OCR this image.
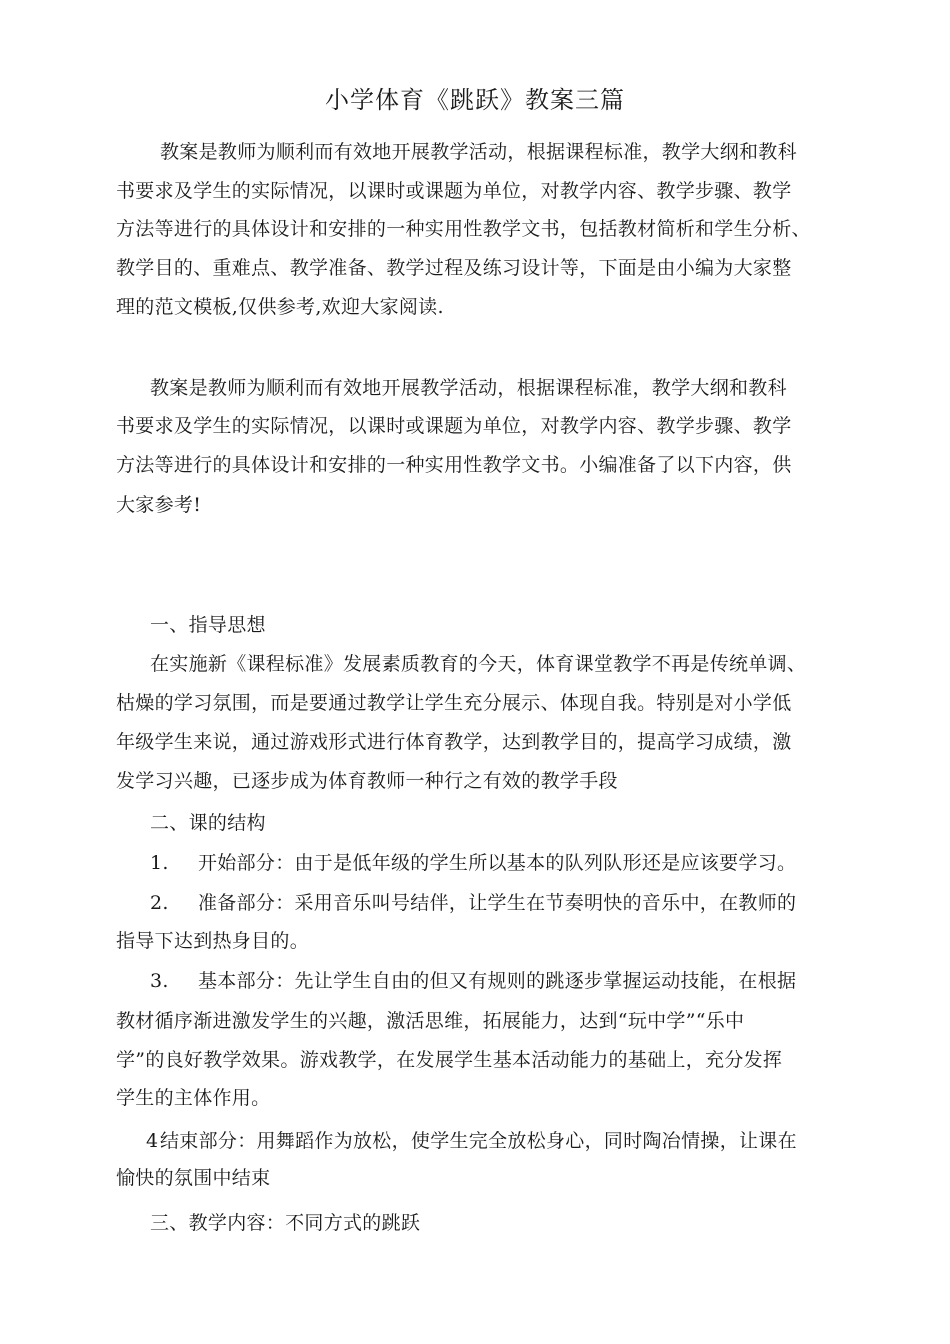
小学体育《跳跃》教案三篇
教案是教师为顺利而有效地开展教学活动，根据课程标准，教学大纲和教科
书要求及学生的实际情况，以课时或课题为单位，对教学内容、教学步骤、教学
方法等进行的具体设计和安排的一种实用性教学文书，包括教材简析和学生分析、
教学目的、重难点、教学准备、教学过程及练习设计等，下面是由小编为大家整
理的范文模板,仅供参考,欢迎大家阅读.
教案是教师为顺利而有效地开展教学活动，根据课程标准，教学大纲和教科
书要求及学生的实际情况，以课时或课题为单位，对教学内容、教学步骤、教学
方法等进行的具体设计和安排的一种实用性教学文书。小编准备了以下内容，供
大家参考!
一、指导思想
在实施新《课程标准》发展素质教育的今天，体育课堂教学不再是传统单调、
枯燥的学习氛围，而是要通过教学让学生充分展示、体现自我。特别是对小学低
年级学生来说，通过游戏形式进行体育教学，达到教学目的，提高学习成绩，激
发学习兴趣，已逐步成为体育教师一种行之有效的教学手段
二、课的结构
1. 开始部分：由于是低年级的学生所以基本的队列队形还是应该要学习。
2. 准备部分：采用音乐叫号结伴，让学生在节奏明快的音乐中，在教师的
指导下达到热身目的。
3. 基本部分：先让学生自由的但又有规则的跳逐步掌握运动技能，在根据
教材循序渐进激发学生的兴趣，激活思维，拓展能力，达到“玩中学”“乐中
学”的良好教学效果。游戏教学，在发展学生基本活动能力的基础上，充分发挥
学生的主体作用。
4 结束部分：用舞蹈作为放松，使学生完全放松身心，同时陶冶情操，让课在
愉快的氛围中结束
三、教学内容：不同方式的跳跃
